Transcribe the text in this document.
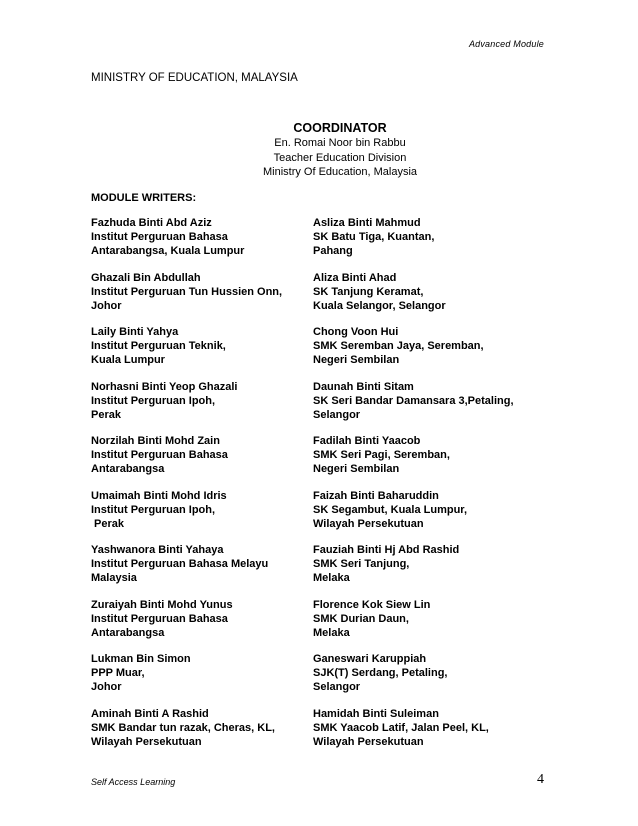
Advanced Module
MINISTRY OF EDUCATION, MALAYSIA
COORDINATOR
En. Romai Noor bin Rabbu
Teacher Education Division
Ministry Of Education, Malaysia
MODULE WRITERS:
Fazhuda Binti Abd Aziz
Institut Perguruan Bahasa
Antarabangsa, Kuala Lumpur
Asliza Binti Mahmud
SK Batu Tiga, Kuantan,
Pahang
Ghazali Bin Abdullah
Institut Perguruan Tun Hussien Onn,
Johor
Aliza Binti Ahad
SK Tanjung Keramat,
Kuala Selangor, Selangor
Laily Binti Yahya
Institut Perguruan Teknik,
Kuala Lumpur
Chong Voon Hui
SMK Seremban Jaya, Seremban,
Negeri Sembilan
Norhasni Binti Yeop Ghazali
Institut Perguruan Ipoh,
Perak
Daunah Binti Sitam
SK Seri Bandar Damansara 3,Petaling,
Selangor
Norzilah Binti Mohd Zain
Institut Perguruan Bahasa
Antarabangsa
Fadilah Binti Yaacob
SMK Seri Pagi, Seremban,
Negeri Sembilan
Umaimah Binti Mohd Idris
Institut Perguruan Ipoh,
Perak
Faizah Binti Baharuddin
SK Segambut, Kuala Lumpur,
Wilayah Persekutuan
Yashwanora Binti Yahaya
Institut Perguruan Bahasa Melayu
Malaysia
Fauziah Binti Hj Abd Rashid
SMK Seri Tanjung,
Melaka
Zuraiyah Binti Mohd Yunus
Institut Perguruan Bahasa
Antarabangsa
Florence Kok Siew Lin
SMK Durian Daun,
Melaka
Lukman Bin Simon
PPP Muar,
Johor
Ganeswari Karuppiah
SJK(T) Serdang, Petaling,
Selangor
Aminah Binti A Rashid
SMK Bandar tun razak, Cheras, KL,
Wilayah Persekutuan
Hamidah Binti Suleiman
SMK Yaacob Latif, Jalan Peel, KL,
Wilayah Persekutuan
Self Access Learning	4
